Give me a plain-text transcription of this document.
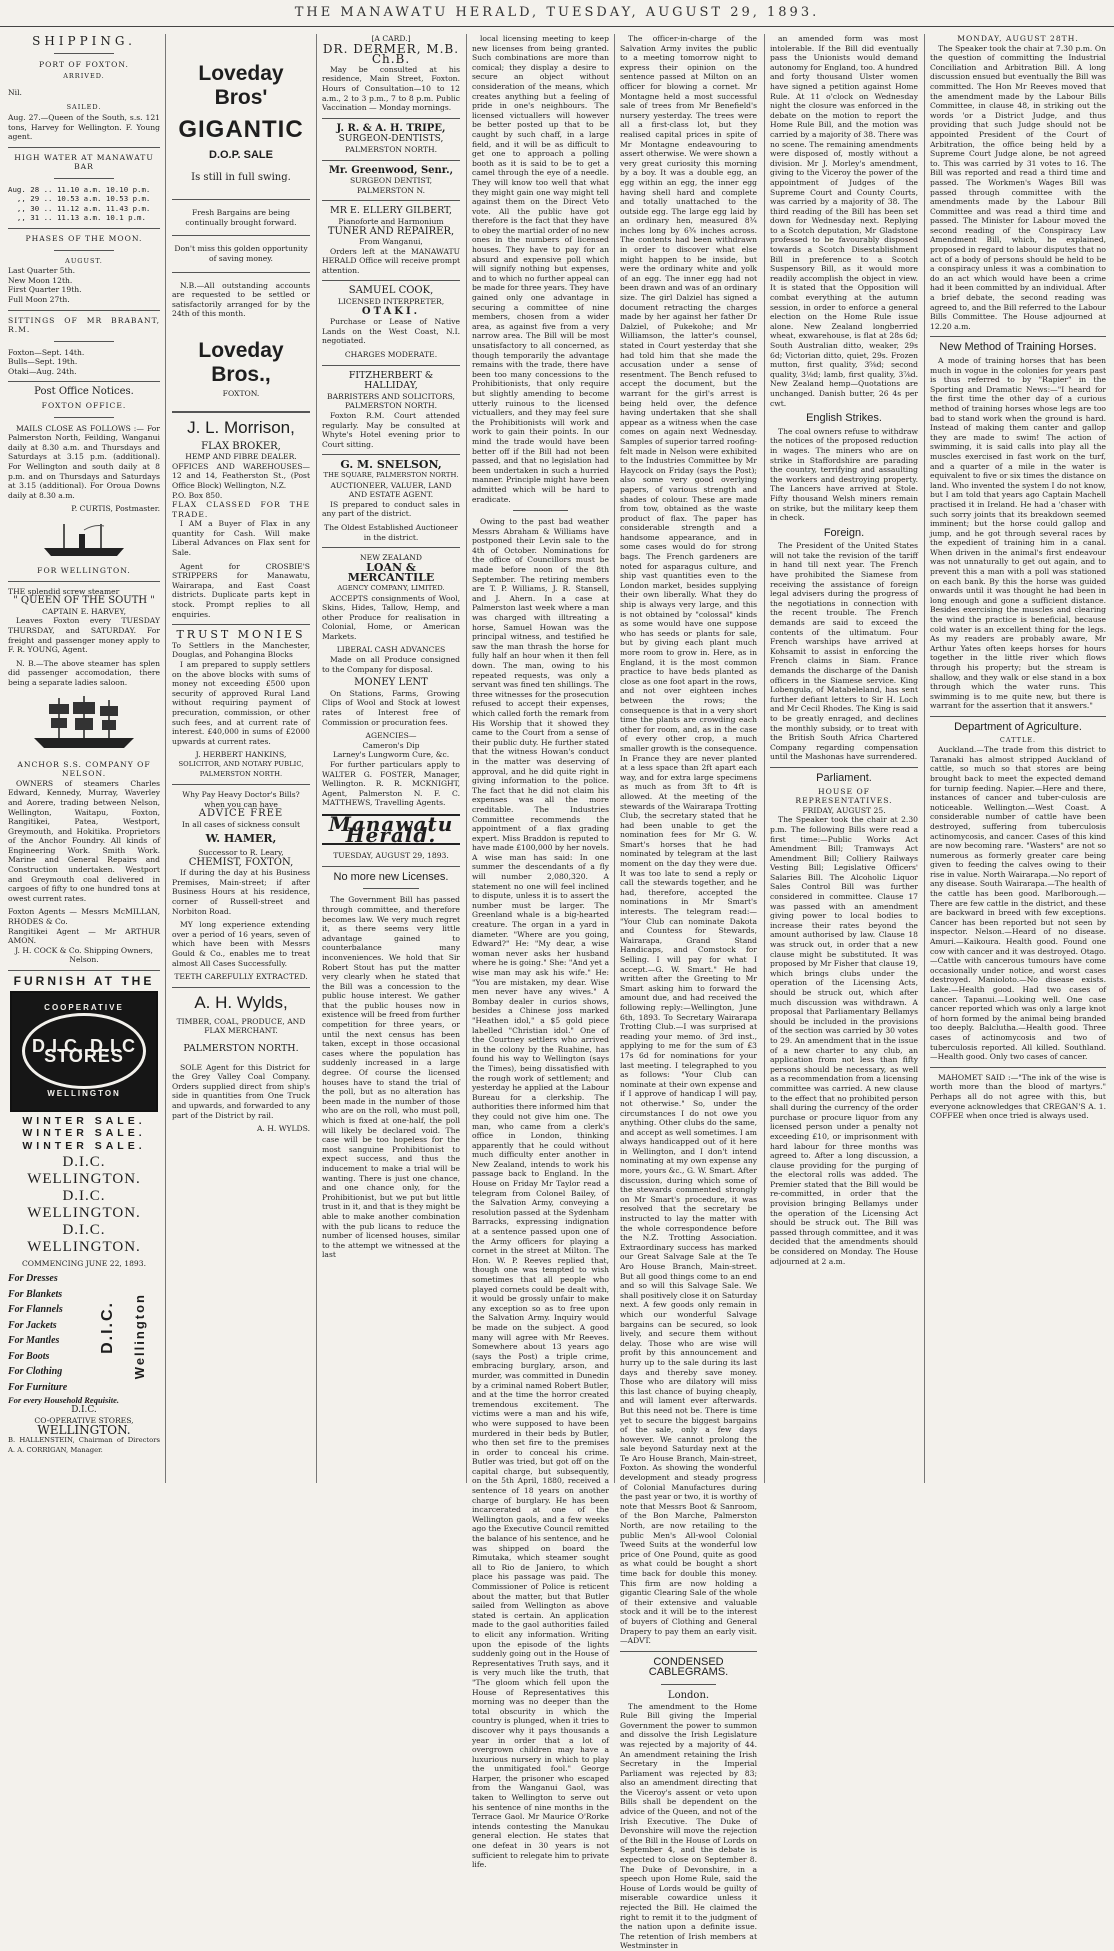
THE MANAWATU HERALD, TUESDAY, AUGUST 29, 1893.
SHIPPING.
PORT OF FOXTON.
ARRIVED.
Nil.
SAILED.
Aug. 27.—Queen of the South, s.s. 121 tons, Harvey for Wellington. F. Young agent.
HIGH WATER AT MANAWATU BAR
Aug. 28 .. 11.10 a.m. 10.10 p.m.
,, 29 .. 10.53 a.m. 10.53 p.m.
,, 30 .. 11.12 a.m. 11.43 p.m.
,, 31 .. 11.13 a.m. 10.1 p.m.
PHASES OF THE MOON.
AUGUST.
Last Quarter 5th.
New Moon 12th.
First Quarter 19th.
Full Moon 27th.
SITTINGS OF MR BRABANT, R.M.
Foxton—Sept. 14th.
Bulls—Sept. 19th.
Otaki—Aug. 24th.
Post Office Notices.
FOXTON OFFICE.
MAILS CLOSE AS FOLLOWS :— For Palmerston North, Feilding, Wanganui daily at 8.30 a.m. and Thursdays and Saturdays at 3.15 p.m. (additional). For Wellington and south daily at 8 p.m. and on Thursdays and Saturdays at 3.15 (additional). For Oroua Downs daily at 8.30 a.m.
P. CURTIS, Postmaster.
FOR WELLINGTON.
THE splendid screw steamer
" QUEEN OF THE SOUTH "
CAPTAIN E. HARVEY,
Leaves Foxton every TUESDAY THURSDAY, and SATURDAY. For freight and passenger money apply to F. R. YOUNG, Agent.
N. B.—The above steamer has splen did passenger accomodation, there being a separate ladies saloon.
ANCHOR S.S. COMPANY OF NELSON.
OWNERS of steamers Charles Edward, Kennedy, Murray, Waverley and Aorere, trading between Nelson, Wellington, Waitapu, Foxton, Rangitikei, Patea, Westport, Greymouth, and Hokitika. Proprietors of the Anchor Foundry. All kinds of Engineering Work. Smith Work. Marine and General Repairs and Construction undertaken. Westport and Greymouth coal delivered in cargoes of fifty to one hundred tons at owest current rates.
Foxton Agents — Messrs McMILLAN, RHODES & Co.
Rangitikei Agent — Mr ARTHUR AMON.
J. H. COCK & Co. Shipping Owners, Nelson.
FURNISH AT THE
COOPERATIVE
D.I.C. D.I.C STORES
WELLINGTON
WINTER SALE.
WINTER SALE.
WINTER SALE.
D.I.C. WELLINGTON.
D.I.C. WELLINGTON.
D.I.C. WELLINGTON.
COMMENCING JUNE 22, 1893.
For Dresses
For Blankets
For Flannels
For Jackets
For Mantles
For Boots
For Clothing
For Furniture
For every Household Requisite.
D.I.C. Wellington
D.I.C.
CO-OPERATIVE STORES,
WELLINGTON.
B. HALLENSTEIN, Chairman of Directors A. A. CORRIGAN, Manager.
Loveday Bros'
GIGANTIC
D.O.P. SALE
Is still in full swing.
Fresh Bargains are being continually brought forward.
Don't miss this golden opportunity of saving money.
N.B.—All outstanding accounts are requested to be settled or satisfactorily arranged for by the 24th of this month.
Loveday Bros.,
FOXTON.
J. L. Morrison,
FLAX BROKER,
HEMP AND FIBRE DEALER.
OFFICES AND WAREHOUSES— 12 and 14, Featherston St., (Post Office Block) Wellington, N.Z.
P.O. Box 850.
FLAX CLASSED FOR THE TRADE.
I AM a Buyer of Flax in any quantity for Cash. Will make Liberal Advances on Flax sent for Sale.
Agent for CROSBIE'S STRIPPERS for Manawatu, Wairarapa, and East Coast districts. Duplicate parts kept in stock. Prompt replies to all enquiries.
TRUST MONIES
To Settlers in the Manchester, Douglas, and Pohangina Blocks
I am prepared to supply settlers on the above blocks with sums of money not exceeding £500 upon security of approved Rural Land without requiring payment of precuration, commission, or other such fees, and at current rate of interest. £40,000 in sums of £2000 upwards at current rates.
J. HERBERT HANKINS,
SOLICITOR, AND NOTARY PUBLIC, PALMERSTON NORTH.
Why Pay Heavy Doctor's Bills? when you can have
ADVICE FREE
In all cases of sickness consult
W. HAMER,
Successor to R. Leary,
CHEMIST, FOXTON,
If during the day at his Business Premises, Main-street; if after Business Hours at his residence, corner of Russell-street and Norbiton Road.
MY long experience extending over a period of 16 years, seven of which have been with Messrs Gould & Co., enables me to treat almost All Cases Successfully.
TEETH CAREFULLY EXTRACTED.
A. H. Wylds,
TIMBER, COAL, PRODUCE, AND FLAX MERCHANT.
PALMERSTON NORTH.
SOLE Agent for this District for the Grey Valley Coal Company. Orders supplied direct from ship's side in quantities from One Truck and upwards, and forwarded to any part of the District by rail.
A. H. WYLDS.
[A CARD.]
DR. DERMER, M.B. Ch.B.
May be consulted at his residence, Main Street, Foxton. Hours of Consultation—10 to 12 a.m., 2 to 3 p.m., 7 to 8 p.m. Public Vaccination — Monday mornings.
J. R. & A. H. TRIPE,
SURGEON-DENTISTS,
PALMERSTON NORTH.
Mr. Greenwood, Senr.,
SURGEON DENTIST,
PALMERSTON N.
MR E. ELLERY GILBERT,
Pianoforte and Harmonium
TUNER AND REPAIRER,
From Wanganui,
Orders left at the MANAWATU HERALD Office will receive prompt attention.
SAMUEL COOK,
LICENSED INTERPRETER,
OTAKI.
Purchase or Lease of Native Lands on the West Coast, N.I. negotiated.
CHARGES MODERATE.
FITZHERBERT & HALLIDAY,
BARRISTERS AND SOLICITORS,
PALMERSTON NORTH.
Foxton R.M. Court attended regularly. May be consulted at Whyte's Hotel evening prior to Court sitting.
G. M. SNELSON,
THE SQUARE, PALMERSTON NORTH.
AUCTIONEER, VALUER, LAND AND ESTATE AGENT.
IS prepared to conduct sales in any part of the district.
The Oldest Established Auctioneer in the district.
NEW ZEALAND
LOAN & MERCANTILE
AGENCY COMPANY, LIMITED.
ACCEPTS consignments of Wool, Skins, Hides, Tallow, Hemp, and other Produce for realisation in Colonial, Home, or American Markets.
LIBERAL CASH ADVANCES
Made on all Produce consigned to the Company for disposal.
MONEY LENT
On Stations, Farms, Growing Clips of Wool and Stock at lowest rates of Interest free of Commission or procuration fees.
AGENCIES—
Cameron's Dip
Larney's Lungworm Cure, &c.
For further particulars apply to WALTER G. FOSTER, Manager, Wellington. R. R. MCKNIGHT, Agent, Palmerston N. F. C. MATTHEWS, Travelling Agents.
Manawatu Herald.
TUESDAY, AUGUST 29, 1893.
No more new Licenses.
The Government Bill has passed through committee, and therefore becomes law. We very much regret it, as there seems very little advantage gained to counterbalance many inconveniences. We hold that Sir Robert Stout has put the matter very clearly when he stated that the Bill was a concession to the public house interest. We gather that the public houses now in existence will be freed from further competition for three years, or until the next census has been taken, except in those occasional cases where the population has suddenly increased in a large degree. Of course the licensed houses have to stand the trial of the poll, but as no alteration has been made in the number of those who are on the roll, who must poll, which is fixed at one-half, the poll will likely be declared void. The case will be too hopeless for the most sanguine Prohibitionist to expect success, and thus the inducement to make a trial will be wanting. There is just one chance, and one chance only, for the Prohibitionist, but we put but little trust in it, and that is they might be able to make another combination with the pub licans to reduce the number of licensed houses, similar to the attempt we witnessed at the last
local licensing meeting to keep new licenses from being granted. Such combinations are more than comical; they display a desire to secure an object without consideration of the means, which creates anything but a feeling of pride in one's neighbours. The licensed victuallers will however be better posted up that to be caught by such chaff, in a large field, and it will be as difficult to get one to approach a polling booth as it is said to be to get a camel through the eye of a needle. They will know too well that what they might gain one way might tell against them on the Direct Veto vote. All the public have got therefore is the fact that they have to obey the martial order of no new ones in the numbers of licensed houses. They have to pay for an absurd and expensive poll which will signify nothing but expenses, and to which no further appeal can be made for three years. They have gained only one advantage in securing a committee of nine members, chosen from a wider area, as against five from a very narrow area. The Bill will be most unsatisfactory to all concerned, as though temporarily the advantage remains with the trade, there have been too many concessions to the Prohibitionists, that only require but slightly amending to become utterly ruinous to the licensed victuallers, and they may feel sure the Prohibitionists will work and work to gain their points. In our mind the trade would have been better off if the Bill had not been passed, and that no legislation had been undertaken in such a hurried manner. Principle might have been admitted which will be hard to eradicate.
Owing to the past bad weather Messrs Abraham & Williams have postponed their Levin sale to the 4th of October. Nominations for the office of Councillors must be made before noon of the 8th September. The retiring members are T. P. Williams, J. R. Stansell, and J. Ahern. In a case at Palmerston last week where a man was charged with illtreating a horse, Samuel Howan was the principal witness, and testified he saw the man thrash the horse for fully half an hour when it then fell down. The man, owing to his repeated requests, was only a servant was fined ten shillings. The three witnesses for the prosecution refused to accept their expenses, which called forth the remark from His Worship that it showed they came to the Court from a sense of their public duty. He further stated that the witness Howan's conduct in the matter was deserving of approval, and he did quite right in giving information to the police. The fact that he did not claim his expenses was all the more creditable. The Industries Committee recommends the appointment of a flax grading expert. Miss Braddon is reputed to have made £100,000 by her novels. A wise man has said: In one summer the descendants of a fly will number 2,080,320. A statement no one will feel inclined to dispute, unless it is to assert the number must be larger. The Greenland whale is a big-hearted creature. The organ in a yard in diameter. "Where are you going, Edward?" He: "My dear, a wise woman never asks her husband where he is going." She: "And yet a wise man may ask his wife." He: "You are mistaken, my dear. Wise men never have any wives." A Bombay dealer in curios shows, besides a Chinese joss marked "Heathen idol," a $5 gold piece labelled "Christian idol." One of the Courtney settlers who arrived in the colony by the Ruahine, has found his way to Wellington (says the Times), being dissatisfied with the rough work of settlement; and yesterday he applied at the Labour Bureau for a clerkship. The authorities there informed him that they could not give him one. The man, who came from a clerk's office in London, thinking apparently that he could without much difficulty enter another in New Zealand, intends to work his passage back to England. In the House on Friday Mr Taylor read a telegram from Colonel Bailey, of the Salvation Army, conveying a resolution passed at the Sydenham Barracks, expressing indignation at a sentence passed upon one of the Army officers for playing a cornet in the street at Milton. The Hon. W. P. Reeves replied that, though one was tempted to wish sometimes that all people who played cornets could be dealt with, it would be grossly unfair to make any exception so as to free upon the Salvation Army. Inquiry would be made on the subject. A good many will agree with Mr Reeves. Somewhere about 13 years ago (says the Post) a triple crime, embracing burglary, arson, and murder, was committed in Dunedin by a criminal named Robert Butler, and at the time the horror created tremendous excitement. The victims were a man and his wife, who were supposed to have been murdered in their beds by Butler, who then set fire to the premises in order to conceal his crime. Butler was tried, but got off on the capital charge, but subsequently, on the 5th April, 1880, received a sentence of 18 years on another charge of burglary. He has been incarcerated at one of the Wellington gaols, and a few weeks ago the Executive Council remitted the balance of his sentence, and he was shipped on board the Rimutaka, which steamer sought all to Rio de Janiero, to which place his passage was paid. The Commissioner of Police is reticent about the matter, but that Butler sailed from Wellington as above stated is certain. An application made to the gaol authorities failed to elicit any information. Writing upon the episode of the lights suddenly going out in the House of Representatives Truth says, and it is very much like the truth, that "The gloom which fell upon the House of Representatives this morning was no deeper than the total obscurity in which the country is plunged, when it tries to discover why it pays thousands a year in order that a lot of overgrown children may have a luxurious nursery in which to play the unmitigated fool." George Harper, the prisoner who escaped from the Wanganui Gaol, was taken to Wellington to serve out his sentence of nine months in the Terrace Gaol. Mr Maurice O'Rorke intends contesting the Manukau general election. He states that one defeat in 30 years is not sufficient to relegate him to private life.
The officer-in-charge of the Salvation Army invites the public to a meeting tomorrow night to express their opinion on the sentence passed at Milton on an officer for blowing a cornet. Mr Montagne held a most successful sale of trees from Mr Benefield's nursery yesterday. The trees were all a first-class lot, but they realised capital prices in spite of Mr Montagne endeavouring to assert otherwise. We were shown a very great curiosity this morning by a boy. It was a double egg, an egg within an egg, the inner egg having shell hard and complete and totally unattached to the outside egg. The large egg laid by an ordinary hen, measured 8¾ inches long by 6¾ inches across. The contents had been withdrawn in order to discover what else might happen to be inside, but were the ordinary white and yolk of an egg. The inner egg had not been drawn and was of an ordinary size. The girl Dalziel has signed a document retracting the charges made by her against her father Dr Dalziel, of Pukekohe; and Mr Williamson, the latter's counsel, stated in Court yesterday that she had told him that she made the accusation under a sense of resentment. The Bench refused to accept the document, but the warrant for the girl's arrest is being held over, the defence having undertaken that she shall appear as a witness when the case comes on again next Wednesday. Samples of superior tarred roofing-felt made in Nelson were exhibited to the Industries Committee by Mr Haycock on Friday (says the Post); also some very good overlying papers, of various strength and shades of colour. These are made from tow, obtained as the waste product of flax. The paper has considerable strength and a handsome appearance, and in some cases would do for strong bags. The French gardeners are noted for asparagus culture, and ship vast quantities even to the London market, besides supplying their own liberally. What they do ship is always very large, and this is not obtained by "colossal" kinds as some would have one suppose who has seeds or plants for sale, but by giving each plant much more room to grow in. Here, as in England, it is the most common practice to have beds planted as close as one foot apart in the rows, and not over eighteen inches between the rows; the consequence is that in a very short time the plants are crowding each other for room, and, as in the case of every other crop, a much smaller growth is the consequence. In France they are never planted at a less space than 2ft apart each way, and for extra large specimens as much as from 3ft to 4ft is allowed. At the meeting of the stewards of the Wairarapa Trotting Club, the secretary stated that he had been unable to get the nomination fees for Mr G. W. Smart's horses that he had nominated by telegram at the last moment on the day they were due. It was too late to send a reply or call the stewards together, and he had, therefore, accepted the nominations in Mr Smart's interests. The telegram read:— "Your Club can nominate Dakota and Countess for Stewards, Wairarapa, Grand Stand Handicaps, and Comstock for Selling. I will pay for what I accept.—G. W. Smart." He had written after the Greeting to Mr Smart asking him to forward the amount due, and had received the following reply:—Wellington, June 6th, 1893. To Secretary Wairarapa Trotting Club.—I was surprised at reading your memo. of 3rd inst., applying to me for the sum of £3 17s 6d for nominations for your last meeting. I telegraphed to you as follows: "Your Club can nominate at their own expense and if I approve of handicap I will pay, not otherwise." So, under the circumstances I do not owe you anything. Other clubs do the same, and accept as well sometimes. I am always handicapped out of it here in Wellington, and I don't intend nominating at my own expense any more, yours &c., G. W. Smart. After discussion, during which some of the stewards commented strongly on Mr Smart's procedure, it was resolved that the secretary be instructed to lay the matter with the whole correspondence before the N.Z. Trotting Association. Extraordinary success has marked our Great Salvage Sale at the Te Aro House Branch, Main-street. But all good things come to an end and so will this Salvage Sale. We shall positively close it on Saturday next. A few goods only remain in which our wonderful Salvage bargains can be secured, so look lively, and secure them without delay. Those who are wise will profit by this announcement and hurry up to the sale during its last days and thereby save money. Those who are dilatory will miss this last chance of buying cheaply, and will lament ever afterwards. But this need not be. There is time yet to secure the biggest bargains of the sale, only a few days however. We cannot prolong the sale beyond Saturday next at the Te Aro House Branch, Main-street, Foxton. As showing the wonderful development and steady progress of Colonial Manufactures during the past year or two, it is worthy of note that Messrs Boot & Sanroom, of the Bon Marche, Palmerston North, are now retailing to the public Men's All-wool Colonial Tweed Suits at the wonderful low price of One Pound, quite as good as what could be bought a short time back for double this money. This firm are now holding a gigantic Clearing Sale of the whole of their extensive and valuable stock and it will be to the interest of buyers of Clothing and General Drapery to pay them an early visit.—ADVT.
CONDENSED CABLEGRAMS.
London.
The amendment to the Home Rule Bill giving the Imperial Government the power to summon and dissolve the Irish Legislature was rejected by a majority of 44. An amendment retaining the Irish Secretary in the Imperial Parliament was rejected by 83; also an amendment directing that the Viceroy's assent or veto upon Bills shall be dependent on the advice of the Queen, and not of the Irish Executive. The Duke of Devonshire will move the rejection of the Bill in the House of Lords on September 4, and the debate is expected to close on September 8. The Duke of Devonshire, in a speech upon Home Rule, said the House of Lords would be guilty of miserable cowardice unless it rejected the Bill. He claimed the right to remit it to the judgment of the nation upon a definite issue. The retention of Irish members at Westminster in
an amended form was most intolerable. If the Bill did eventually pass the Unionists would demand autonomy for England, too. A hundred and forty thousand Ulster women have signed a petition against Home Rule. At 11 o'clock on Wednesday night the closure was enforced in the debate on the motion to report the Home Rule Bill, and the motion was carried by a majority of 38. There was no scene. The remaining amendments were disposed of, mostly without a division. Mr J. Morley's amendment, giving to the Viceroy the power of the appointment of Judges of the Supreme Court and County Courts, was carried by a majority of 38. The third reading of the Bill has been set down for Wednesday next. Replying to a Scotch deputation, Mr Gladstone professed to be favourably disposed towards a Scotch Disestablishment Bill in preference to a Scotch Suspensory Bill, as it would more readily accomplish the object in view. It is stated that the Opposition will combat everything at the autumn session, in order to enforce a general election on the Home Rule issue alone. New Zealand longberried wheat, exwarehouse, is flat at 28s 6d; South Australian ditto, weaker, 29s 6d; Victorian ditto, quiet, 29s. Frozen mutton, first quality, 3⅝d; second quality, 3⅛d; lamb, first quality, 3⅞d. New Zealand hemp—Quotations are unchanged. Danish butter, 26 4s per cwt.
English Strikes.
The coal owners refuse to withdraw the notices of the proposed reduction in wages. The miners who are on strike in Staffordshire are parading the country, terrifying and assaulting the workers and destroying property. The Lancers have arrived at Stole. Fifty thousand Welsh miners remain on strike, but the military keep them in check.
Foreign.
The President of the United States will not take the revision of the tariff in hand till next year. The French have prohibited the Siamese from receiving the assistance of foreign legal advisers during the progress of the negotiations in connection with the recent trouble. The French demands are said to exceed the contents of the ultimatum. Four French warships have arrived at Kohsamit to assist in enforcing the French claims in Siam. France demands the discharge of the Danish officers in the Siamese service. King Lobengula, of Matabeleland, has sent further defiant letters to Sir H. Loch and Mr Cecil Rhodes. The King is said to be greatly enraged, and declines the monthly subsidy, or to treat with the British South Africa Chartered Company regarding compensation until the Mashonas have surrendered.
Parliament.
HOUSE OF REPRESENTATIVES.
FRIDAY, AUGUST 25.
The Speaker took the chair at 2.30 p.m. The following Bills were read a first time:—Public Works Act Amendment Bill; Tramways Act Amendment Bill; Colliery Railways Vesting Bill; Legislative Officers' Salaries Bill. The Alcoholic Liquor Sales Control Bill was further considered in committee. Clause 17 was passed with an amendment giving power to local bodies to increase their rates beyond the amount authorised by law. Clause 18 was struck out, in order that a new clause might be substituted. It was proposed by Mr Fisher that clause 19, which brings clubs under the operation of the Licensing Acts, should be struck out, which after much discussion was withdrawn. A proposal that Parliamentary Bellamys should be included in the provisions of the section was carried by 30 votes to 29. An amendment that in the issue of a new charter to any club, an application from not less than fifty persons should be necessary, as well as a recommendation from a licensing committee was carried. A new clause to the effect that no prohibited person shall during the currency of the order purchase or procure liquor from any licensed person under a penalty not exceeding £10, or imprisonment with hard labour for three months was agreed to. After a long discussion, a clause providing for the purging of the electoral rolls was added. The Premier stated that the Bill would be re-committed, in order that the provision bringing Bellamys under the operation of the Licensing Act should be struck out. The Bill was passed through committee, and it was decided that the amendments should be considered on Monday. The House adjourned at 2 a.m.
MONDAY, AUGUST 28TH.
The Speaker took the chair at 7.30 p.m. On the question of committing the Industrial Conciliation and Arbitration Bill. A long discussion ensued but eventually the Bill was committed. The Hon Mr Reeves moved that the amendment made by the Labour Bills Committee, in clause 48, in striking out the words 'or a District Judge, and thus providing that such Judge should not be appointed President of the Court of Arbitration, the office being held by a Supreme Court Judge alone, be not agreed to. This was carried by 31 votes to 16. The Bill was reported and read a third time and passed. The Workmen's Wages Bill was passed through committee with the amendments made by the Labour Bill Committee and was read a third time and passed. The Minister for Labour moved the second reading of the Conspiracy Law Amendment Bill, which, he explained, proposed in regard to labour disputes that no act of a body of persons should be held to be a conspiracy unless it was a combination to do an act which would have been a crime had it been committed by an individual. After a brief debate, the second reading was agreed to, and the Bill referred to the Labour Bills Committee. The House adjourned at 12.20 a.m.
New Method of Training Horses.
A mode of training horses that has been much in vogue in the colonies for years past is thus referred to by "Rapier" in the Sporting and Dramatic News:—"I heard for the first time the other day of a curious method of training horses whose legs are too bad to stand work when the ground is hard. Instead of making them canter and gallop they are made to swim! The action of swimming, it is said calls into play all the muscles exercised in fast work on the turf, and a quarter of a mile in the water is equivalent to five or six times the distance on land. Who invented the system I do not know, but I am told that years ago Captain Machell practised it in Ireland. He had a 'chaser with such sorry joints that its breakdown seemed imminent; but the horse could gallop and jump, and he got through several races by the expedient of training him in a canal. When driven in the animal's first endeavour was not unnaturally to get out again, and to prevent this a man with a poll was stationed on each bank. By this the horse was guided onwards until it was thought he had been in long enough and gone a sufficient distance. Besides exercising the muscles and clearing the wind the practice is beneficial, because cold water is an excellent thing for the legs. As my readers are probably aware, Mr Arthur Yates often keeps horses for hours together in the little river which flows through his property; but the stream is shallow, and they walk or else stand in a box through which the water runs. This swimming is to me quite new, but there is warrant for the assertion that it answers."
Department of Agriculture.
CATTLE.
Auckland.—The trade from this district to Taranaki has almost stripped Auckland of cattle, so much so that stores are being brought back to meet the expected demand for turnip feeding. Napier.—Here and there, instances of cancer and tuber-culosis are noticeable. Wellington.—West Coast. A considerable number of cattle have been destroyed, suffering from tuberculosis actinomycosis, and cancer. Cases of this kind are now becoming rare. "Wasters" are not so numerous as formerly greater care being given to feeding the calves owing to their rise in value. North Wairarapa.—No report of any disease. South Wairarapa.—The health of the cattle has been good. Marlborough.—There are few cattle in the district, and these are backward in breed with few exceptions. Cancer has been reported but not seen by inspector. Nelson.—Heard of no disease. Amuri.—Kaikoura. Health good. Found one cow with cancer and it was destroyed. Otago.—Cattle with cancerous tumours have come occasionally under notice, and worst cases destroyed. Manioloto.—No disease exists. Lake.—Health good. Had two cases of cancer. Tapanui.—Looking well. One case cancer reported which was only a large knot of horn formed by the animal being branded too deeply. Balclutha.—Health good. Three cases of actinomycosis and two of tuberculosis reported. All killed. Southland.—Health good. Only two cases of cancer.
MAHOMET SAID :—"The ink of the wise is worth more than the blood of martyrs." Perhaps all do not agree with this, but everyone acknowledges that CREGAN'S A. 1. COFFEE when once tried is always used.
